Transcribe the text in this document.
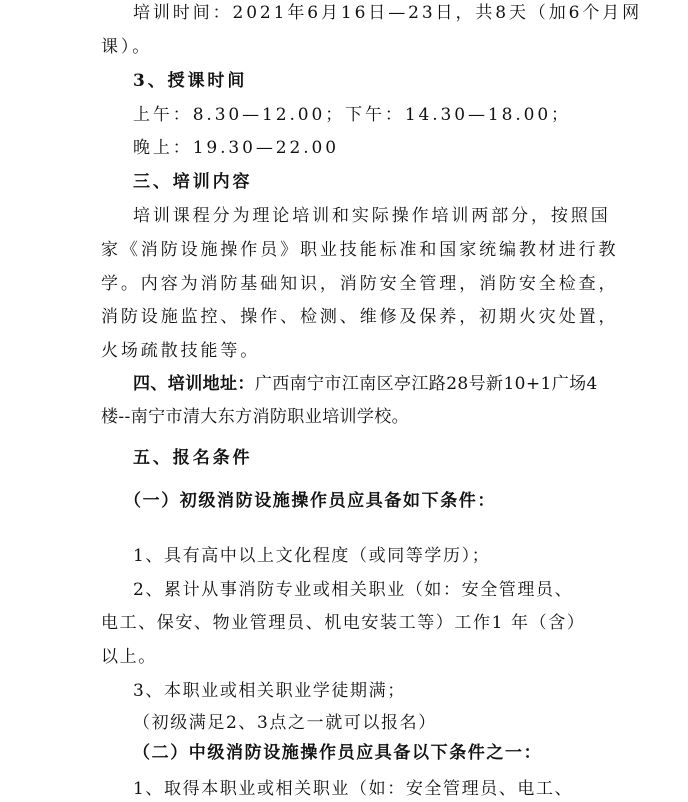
培训时间：2021年6月16日—23日，共8天（加6个月网
课）。
3、授课时间
上午：8.30—12.00；下午：14.30—18.00；
晚上：19.30—22.00
三、培训内容
培训课程分为理论培训和实际操作培训两部分，按照国
家《消防设施操作员》职业技能标准和国家统编教材进行教
学。内容为消防基础知识，消防安全管理，消防安全检查，
消防设施监控、操作、检测、维修及保养，初期火灾处置，
火场疏散技能等。
四、培训地址：广西南宁市江南区亭江路28号新10+1广场4
楼--南宁市清大东方消防职业培训学校。
五、报名条件
（一）初级消防设施操作员应具备如下条件：
1、具有高中以上文化程度（或同等学历）；
2、累计从事消防专业或相关职业（如：安全管理员、
电工、保安、物业管理员、机电安装工等）工作1 年（含）
以上。
3、本职业或相关职业学徒期满；
（初级满足2、3点之一就可以报名）
（二）中级消防设施操作员应具备以下条件之一：
1、取得本职业或相关职业（如：安全管理员、电工、
